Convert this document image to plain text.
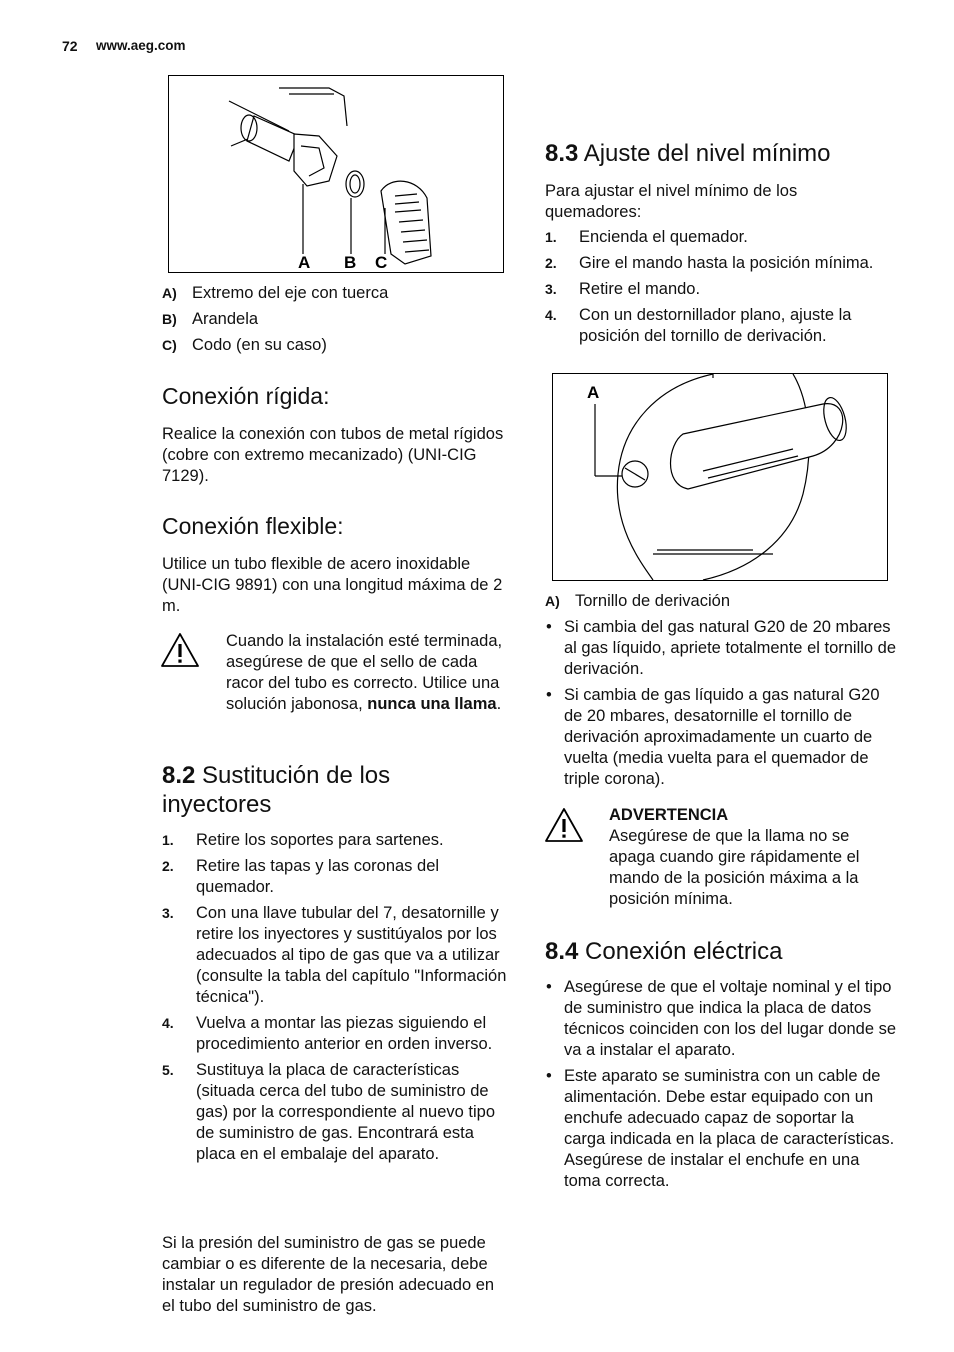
72 www.aeg.com
A B C
A) Extremo del eje con tuerca
B) Arandela
C) Codo (en su caso)
Conexión rígida:

Realice la conexión con tubos de metal rígidos (cobre con extremo mecanizado) (UNI-CIG 7129).

Conexión flexible:

Utilice un tubo flexible de acero inoxidable (UNI-CIG 9891) con una longitud máxima de 2 m.

Cuando la instalación esté terminada, asegúrese de que el sello de cada racor del tubo es correcto. Utilice una solución jabonosa, nunca una llama.

8.2 Sustitución de los inyectores
1. Retire los soportes para sartenes.
2. Retire las tapas y las coronas del quemador.
3. Con una llave tubular del 7, desatornille y retire los inyectores y sustitúyalos por los adecuados al tipo de gas que va a utilizar (consulte la tabla del capítulo "Información técnica").
4. Vuelva a montar las piezas siguiendo el procedimiento anterior en orden inverso.
5. Sustituya la placa de características (situada cerca del tubo de suministro de gas) por la correspondiente al nuevo tipo de suministro de gas. Encontrará esta placa en el embalaje del aparato.

Si la presión del suministro de gas se puede cambiar o es diferente de la necesaria, debe instalar un regulador de presión adecuado en el tubo del suministro de gas.

8.3 Ajuste del nivel mínimo

Para ajustar el nivel mínimo de los quemadores:

1. Encienda el quemador.
2. Gire el mando hasta la posición mínima.
3. Retire el mando.
4. Con un destornillador plano, ajuste la posición del tornillo de derivación.
A
A) Tornillo de derivación
• Si cambia del gas natural G20 de 20 mbares al gas líquido, apriete totalmente el tornillo de derivación.
• Si cambia de gas líquido a gas natural G20 de 20 mbares, desatornille el tornillo de derivación aproximadamente un cuarto de vuelta (media vuelta para el quemador de triple corona).
ADVERTENCIA
Asegúrese de que la llama no se apaga cuando gire rápidamente el mando de la posición máxima a la posición mínima.
8.4 Conexión eléctrica
• Asegúrese de que el voltaje nominal y el tipo de suministro que indica la placa de datos técnicos coinciden con los del lugar donde se va a instalar el aparato.
• Este aparato se suministra con un cable de alimentación. Debe estar equipado con un enchufe adecuado capaz de soportar la carga indicada en la placa de características. Asegúrese de instalar el enchufe en una toma correcta.
